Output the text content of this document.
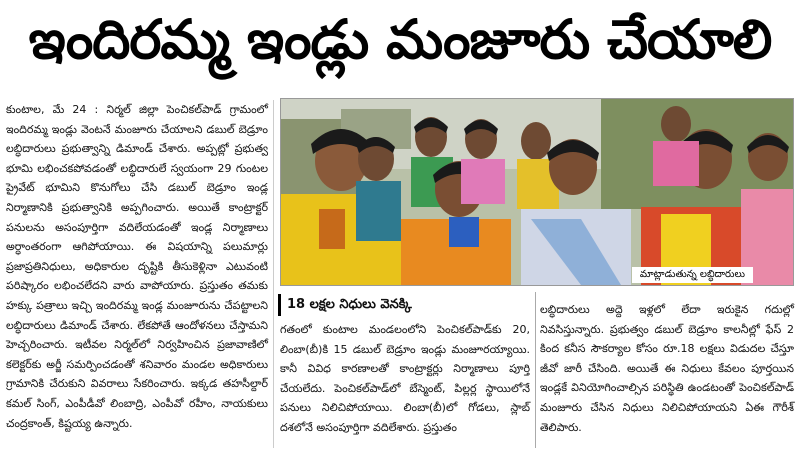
ఇందిరమ్మ ఇండ్లు మంజూరు చేయాలి

కుంటాల, మే 24 : నిర్మల్ జిల్లా పెంచికల్‌పాడ్ గ్రామంలో ఇందిరమ్మ ఇండ్లు వెంటనే మంజూరు చేయాలని డబుల్ బెడ్రూం లబ్ధిదారులు ప్రభుత్వాన్ని డిమాండ్ చేశారు. అప్పట్లో ప్రభుత్వ భూమి లభించకపోవడంతో లబ్ధిదారులే స్వయంగా 29 గుంటల ప్రైవేట్ భూమిని కొనుగోలు చేసి డబుల్ బెడ్రూం ఇండ్ల నిర్మాణానికి ప్రభుత్వానికి అప్పగించారు. అయితే కాంట్రాక్టర్ పనులను అసంపూర్తిగా వదిలేయడంతో ఇండ్ల నిర్మాణాలు అర్ధాంతరంగా ఆగిపోయాయి. ఈ విషయాన్ని పలుమార్లు ప్రజాప్రతినిధులు, అధికారుల దృష్టికి తీసుకెళ్లినా ఎటువంటి పరిష్కారం లభించలేదని వారు వాపోయారు. ప్రస్తుతం తమకు హక్కు పత్రాలు ఇచ్చి ఇందిరమ్మ ఇండ్ల మంజూరును చేపట్టాలని లబ్ధిదారులు డిమాండ్ చేశారు. లేకపోతే ఆందోళనలు చేస్తామని హెచ్చరించారు. ఇటీవల నిర్మల్‌లో నిర్వహించిన ప్రజావాణిలో కలెక్టర్‌కు అర్జీ సమర్పించడంతో శనివారం మండల అధికారులు గ్రామానికి చేరుకుని వివరాలు సేకరించారు. ఇక్కడ తహసీల్దార్ కమల్ సింగ్, ఎంపీడీవో లింబాద్రి, ఎంపీవో రహీం, నాయకులు చంద్రకాంత్, కిష్టయ్య ఉన్నారు.

మాట్లాడుతున్న లబ్ధిదారులు
18 లక్షల నిధులు వెనక్కి

గతంలో కుంటాల మండలంలోని పెంచికల్‌పాడ్‌కు 20, లింబా(బీ)కి 15 డబుల్ బెడ్రూం ఇండ్లు మంజూరయ్యాయి. కానీ వివిధ కారణాలతో కాంట్రాక్టర్లు నిర్మాణాలు పూర్తి చేయలేదు. పెంచికల్‌పాడ్‌లో బేస్మెంట్, పిల్లర్ల స్థాయిలోనే పనులు నిలిచిపోయాయి. లింబా(బీ)లో గోడలు, స్లాబ్ దశలోనే అసంపూర్తిగా వదిలేశారు. ప్రస్తుతం

లబ్ధిదారులు అద్దె ఇళ్లలో లేదా ఇరుకైన గదుల్లో నివసిస్తున్నారు. ప్రభుత్వం డబుల్ బెడ్రూం కాలనీల్లో ఫేస్ 2 కింద కనీస సౌకర్యాల కోసం రూ.18 లక్షలు విడుదల చేస్తూ జీవో జారీ చేసింది. అయితే ఈ నిధులు కేవలం పూర్తయిన ఇండ్లకే వినియోగించాల్సిన పరిస్థితి ఉండటంతో పెంచికల్‌పాడ్ మంజూరు చేసిన నిధులు నిలిచిపోయాయని ఏఈ గౌరీశ్ తెలిపారు.
